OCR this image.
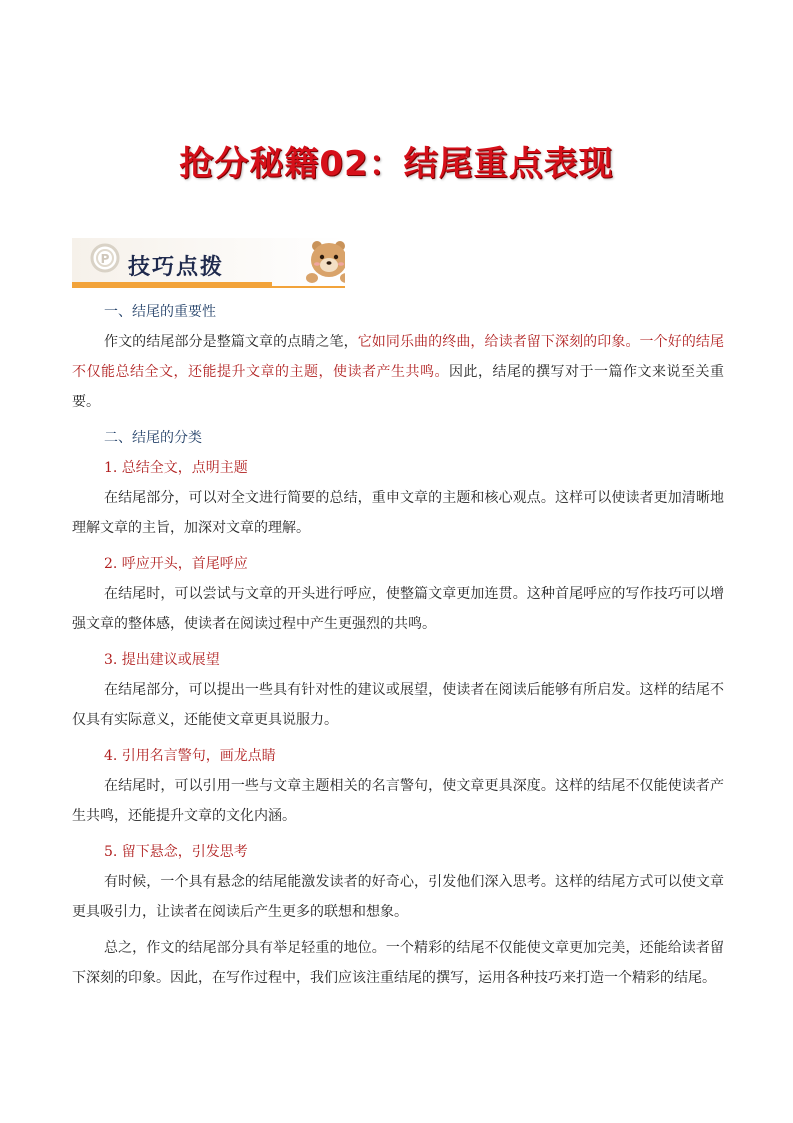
抢分秘籍02：结尾重点表现
P 技巧点拨
一、结尾的重要性

作文的结尾部分是整篇文章的点睛之笔，它如同乐曲的终曲，给读者留下深刻的印象。一个好的结尾不仅能总结全文，还能提升文章的主题，使读者产生共鸣。因此，结尾的撰写对于一篇作文来说至关重要。

二、结尾的分类
1. 总结全文，点明主题

在结尾部分，可以对全文进行简要的总结，重申文章的主题和核心观点。这样可以使读者更加清晰地理解文章的主旨，加深对文章的理解。

2. 呼应开头，首尾呼应

在结尾时，可以尝试与文章的开头进行呼应，使整篇文章更加连贯。这种首尾呼应的写作技巧可以增强文章的整体感，使读者在阅读过程中产生更强烈的共鸣。

3. 提出建议或展望

在结尾部分，可以提出一些具有针对性的建议或展望，使读者在阅读后能够有所启发。这样的结尾不仅具有实际意义，还能使文章更具说服力。

4. 引用名言警句，画龙点睛

在结尾时，可以引用一些与文章主题相关的名言警句，使文章更具深度。这样的结尾不仅能使读者产生共鸣，还能提升文章的文化内涵。

5. 留下悬念，引发思考

有时候，一个具有悬念的结尾能激发读者的好奇心，引发他们深入思考。这样的结尾方式可以使文章更具吸引力，让读者在阅读后产生更多的联想和想象。

总之，作文的结尾部分具有举足轻重的地位。一个精彩的结尾不仅能使文章更加完美，还能给读者留下深刻的印象。因此，在写作过程中，我们应该注重结尾的撰写，运用各种技巧来打造一个精彩的结尾。
